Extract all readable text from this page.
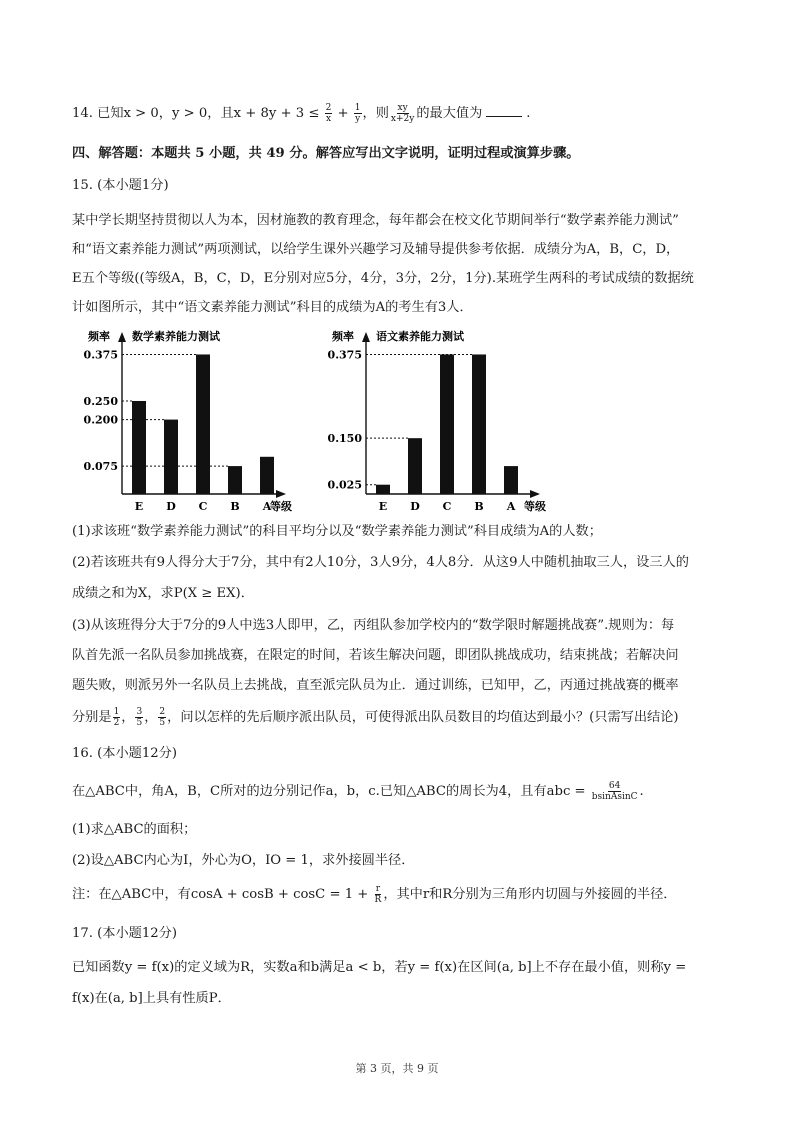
14. 已知x > 0，y > 0，且$x + 8y + 3 \le \frac{2}{x} + \frac{1}{y}$ ，则 $\frac{xy}{x+2y}$ 的最大值为	.
四、解答题：本题共 5 小题，共 49 分。解答应写出文字说明，证明过程或演算步骤。
15. (本小题1分)
某中学长期坚持贯彻以人为本，因材施教的教育理念，每年都会在校文化节期间举行“数学素养能力测试”
和“语文素养能力测试”两项测试，以给学生课外兴趣学习及辅导提供参考依据．成绩分为A，B，C，D，
E五个等级((等级A，B，C，D，E分别对应5分，4分，3分，2分，1分).某班学生两科的考试成绩的数据统
计如图所示，其中“语文素养能力测试”科目的成绩为A的考生有3人．
频率 数学素养能力测试
0.375
0.250
0.200
0.075
E D C B A
等级
频率 语文素养能力测试
0.375
0.150
0.025
E D C B A 等级
(1)求该班“数学素养能力测试”的科目平均分以及“数学素养能力测试”科目成绩为A的人数；
(2)若该班共有9人得分大于7分，其中有2人10分，3人9分，4人8分．从这9人中随机抽取三人，设三人的
成绩之和为X，求P(X ≥ EX)．
(3)从该班得分大于7分的9人中选3人即甲，乙，丙组队参加学校内的“数学限时解题挑战赛”.规则为：每
队首先派一名队员参加挑战赛，在限定的时间，若该生解决问题，即团队挑战成功，结束挑战；若解决问
题失败，则派另外一名队员上去挑战，直至派完队员为止．通过训练，已知甲，乙，丙通过挑战赛的概率
分别是 $\frac{1}{2}$ ， $\frac{3}{5}$ ， $\frac{2}{5}$ ，问以怎样的先后顺序派出队员，可使得派出队员数目的均值达到最小？(只需写出结论)
16. (本小题12分)
在△ABC中，角A，B，C所对的边分别记作a，b，c.已知△ABC的周长为4，且有abc = $\frac{64}{\text{bsinAsinC}}$ .
(1)求△ABC的面积；
(2)设△ABC内心为I，外心为O，IO = 1，求外接圆半径．
注：在△ABC中，有$\cos A + \cos B + \cos C = 1 + \frac{r}{R}$ ，其中r和R分别为三角形内切圆与外接圆的半径．
17. (本小题12分)
已知函数y = f(x)的定义域为R，实数a和b满足a < b，若y = f(x)在区间(a, b]上不存在最小值，则称y =
f(x)在(a, b]上具有性质P．
第 3 页，共 9 页
